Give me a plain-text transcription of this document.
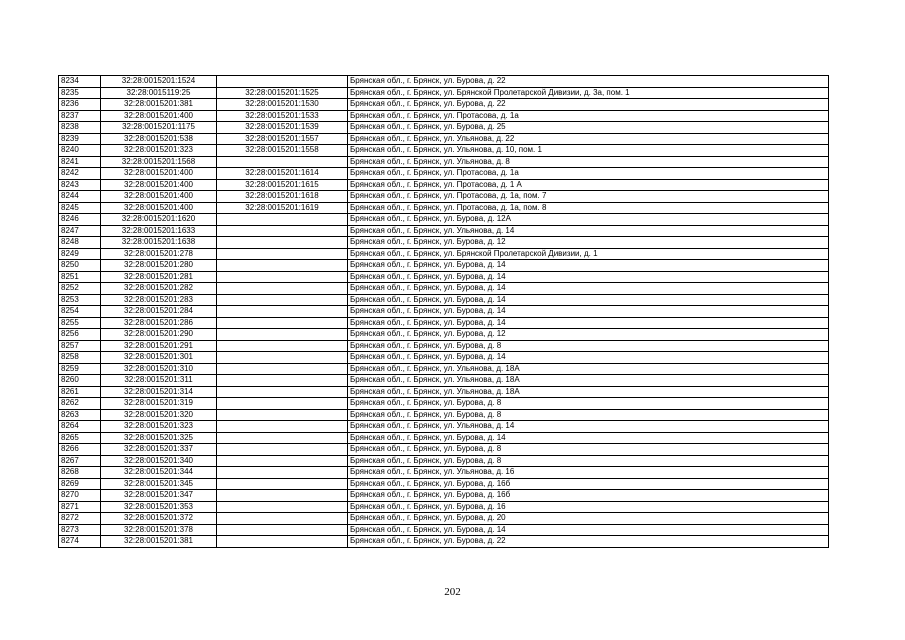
8234	32:28:0015201:1524		Брянская обл., г. Брянск, ул. Бурова, д. 22
8235	32:28:0015119:25	32:28:0015201:1525	Брянская обл., г. Брянск, ул. Брянской Пролетарской Дивизии, д. 3а, пом. 1
8236	32:28:0015201:381	32:28:0015201:1530	Брянская обл., г. Брянск, ул. Бурова, д. 22
8237	32:28:0015201:400	32:28:0015201:1533	Брянская обл., г. Брянск, ул. Протасова, д. 1а
8238	32:28:0015201:1175	32:28:0015201:1539	Брянская обл., г. Брянск, ул. Бурова, д. 25
8239	32:28:0015201:538	32:28:0015201:1557	Брянская обл., г. Брянск, ул. Ульянова, д. 22
8240	32:28:0015201:323	32:28:0015201:1558	Брянская обл., г. Брянск, ул. Ульянова, д. 10, пом. 1
8241	32:28:0015201:1568		Брянская обл., г. Брянск, ул. Ульянова, д. 8
8242	32:28:0015201:400	32:28:0015201:1614	Брянская обл., г. Брянск, ул. Протасова, д. 1а
8243	32:28:0015201:400	32:28:0015201:1615	Брянская обл., г. Брянск, ул. Протасова, д. 1 А
8244	32:28:0015201:400	32:28:0015201:1618	Брянская обл., г. Брянск, ул. Протасова, д. 1а, пом. 7
8245	32:28:0015201:400	32:28:0015201:1619	Брянская обл., г. Брянск, ул. Протасова, д. 1а, пом. 8
8246	32:28:0015201:1620		Брянская обл., г. Брянск, ул. Бурова, д. 12А
8247	32:28:0015201:1633		Брянская обл., г. Брянск, ул. Ульянова, д. 14
8248	32:28:0015201:1638		Брянская обл., г. Брянск, ул. Бурова, д. 12
8249	32:28:0015201:278		Брянская обл., г. Брянск, ул. Брянской Пролетарской Дивизии, д. 1
8250	32:28:0015201:280		Брянская обл., г. Брянск, ул. Бурова, д. 14
8251	32:28:0015201:281		Брянская обл., г. Брянск, ул. Бурова, д. 14
8252	32:28:0015201:282		Брянская обл., г. Брянск, ул. Бурова, д. 14
8253	32:28:0015201:283		Брянская обл., г. Брянск, ул. Бурова, д. 14
8254	32:28:0015201:284		Брянская обл., г. Брянск, ул. Бурова, д. 14
8255	32:28:0015201:286		Брянская обл., г. Брянск, ул. Бурова, д. 14
8256	32:28:0015201:290		Брянская обл., г. Брянск, ул. Бурова, д. 12
8257	32:28:0015201:291		Брянская обл., г. Брянск, ул. Бурова, д. 8
8258	32:28:0015201:301		Брянская обл., г. Брянск, ул. Бурова, д. 14
8259	32:28:0015201:310		Брянская обл., г. Брянск, ул. Ульянова, д. 18А
8260	32:28:0015201:311		Брянская обл., г. Брянск, ул. Ульянова, д. 18А
8261	32:28:0015201:314		Брянская обл., г. Брянск, ул. Ульянова, д. 18А
8262	32:28:0015201:319		Брянская обл., г. Брянск, ул. Бурова, д. 8
8263	32:28:0015201:320		Брянская обл., г. Брянск, ул. Бурова, д. 8
8264	32:28:0015201:323		Брянская обл., г. Брянск, ул. Ульянова, д. 14
8265	32:28:0015201:325		Брянская обл., г. Брянск, ул. Бурова, д. 14
8266	32:28:0015201:337		Брянская обл., г. Брянск, ул. Бурова, д. 8
8267	32:28:0015201:340		Брянская обл., г. Брянск, ул. Бурова, д. 8
8268	32:28:0015201:344		Брянская обл., г. Брянск, ул. Ульянова, д. 16
8269	32:28:0015201:345		Брянская обл., г. Брянск, ул. Бурова, д. 16б
8270	32:28:0015201:347		Брянская обл., г. Брянск, ул. Бурова, д. 16б
8271	32:28:0015201:353		Брянская обл., г. Брянск, ул. Бурова, д. 16
8272	32:28:0015201:372		Брянская обл., г. Брянск, ул. Бурова, д. 20
8273	32:28:0015201:378		Брянская обл., г. Брянск, ул. Бурова, д. 14
8274	32:28:0015201:381		Брянская обл., г. Брянск, ул. Бурова, д. 22
202
